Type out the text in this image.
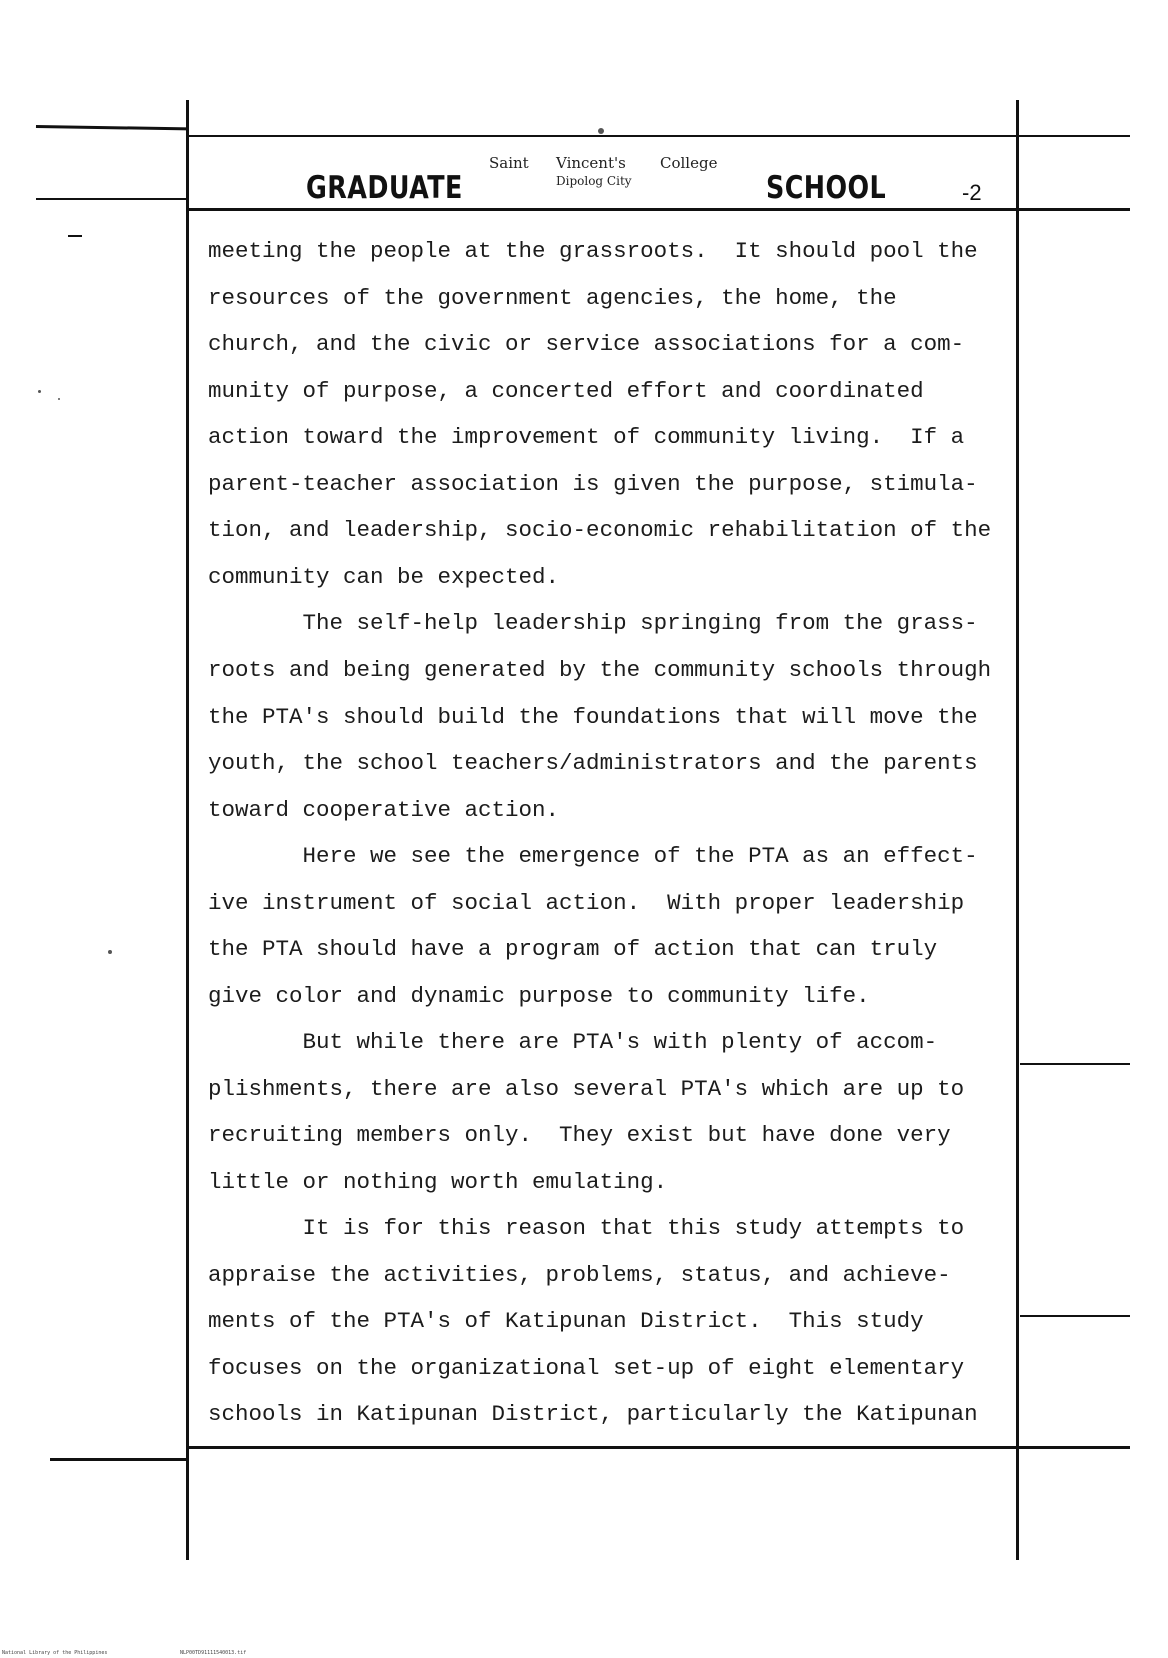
GRADUATE
Saint Vincent's College
Dipolog City	SCHOOL	-2
meeting the people at the grassroots.  It should pool the
resources of the government agencies, the home, the
church, and the civic or service associations for a com-
munity of purpose, a concerted effort and coordinated
action toward the improvement of community living.  If a
parent-teacher association is given the purpose, stimula-
tion, and leadership, socio-economic rehabilitation of the
community can be expected.
The self-help leadership springing from the grass-
roots and being generated by the community schools through
the PTA's should build the foundations that will move the
youth, the school teachers/administrators and the parents
toward cooperative action.
Here we see the emergence of the PTA as an effect-
ive instrument of social action.  With proper leadership
the PTA should have a program of action that can truly
give color and dynamic purpose to community life.
But while there are PTA's with plenty of accom-
plishments, there are also several PTA's which are up to
recruiting members only.  They exist but have done very
little or nothing worth emulating.
It is for this reason that this study attempts to
appraise the activities, problems, status, and achieve-
ments of the PTA's of Katipunan District.  This study
focuses on the organizational set-up of eight elementary
schools in Katipunan District, particularly the Katipunan
National Library of the Philippines	NLP00TD91111540013.tif
